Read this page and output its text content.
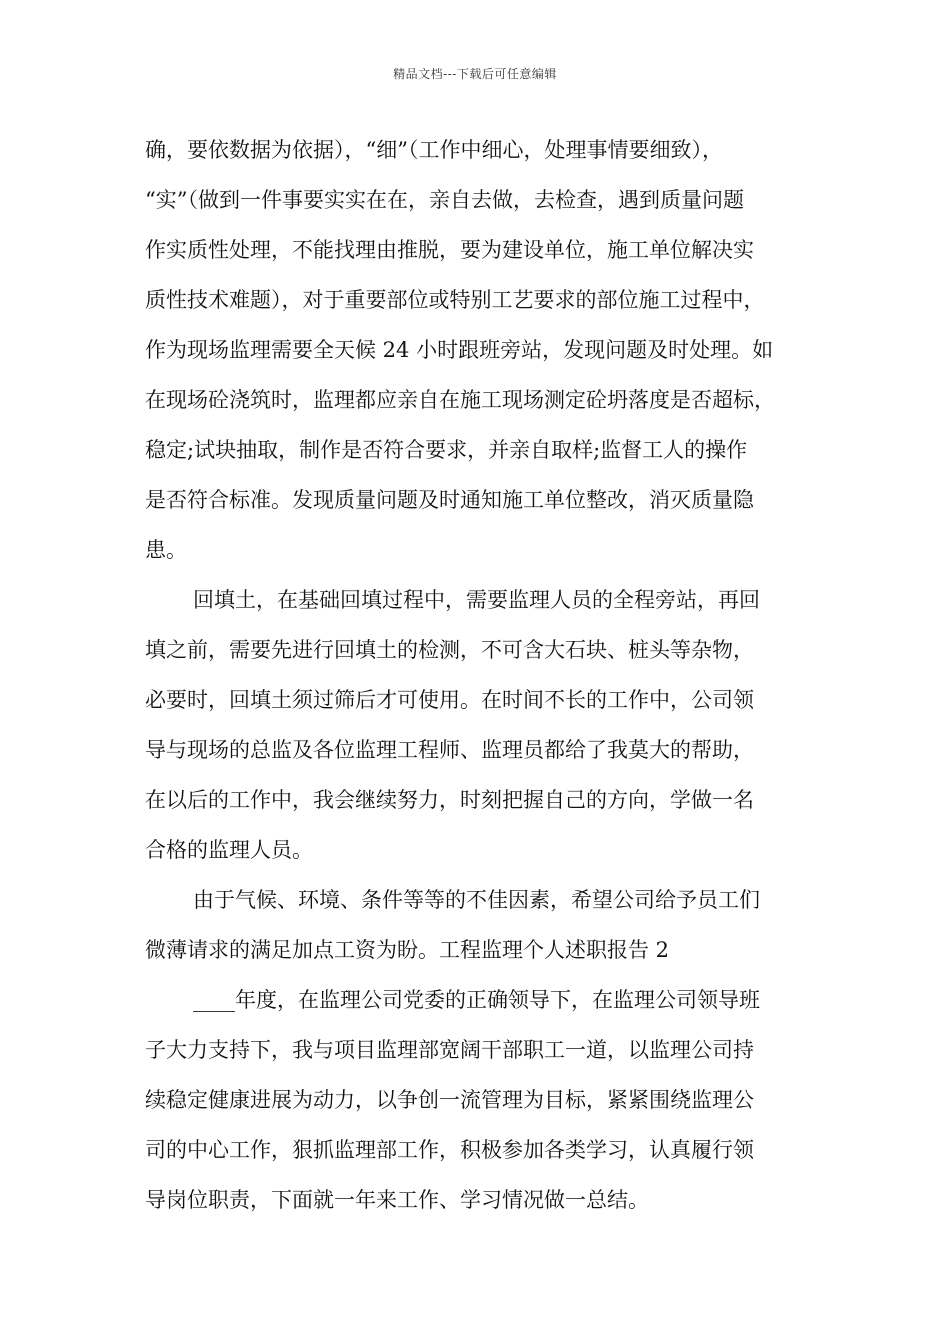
精品文档---下载后可任意编辑
确，要依数据为依据），“细”（工作中细心，处理事情要细致），
“实”（做到一件事要实实在在，亲自去做，去检查，遇到质量问题
作实质性处理，不能找理由推脱，要为建设单位，施工单位解决实
质性技术难题），对于重要部位或特别工艺要求的部位施工过程中，
作为现场监理需要全天候 24 小时跟班旁站，发现问题及时处理。如
在现场砼浇筑时，监理都应亲自在施工现场测定砼坍落度是否超标，
稳定;试块抽取，制作是否符合要求，并亲自取样;监督工人的操作
是否符合标准。发现质量问题及时通知施工单位整改，消灭质量隐
患。
回填土，在基础回填过程中，需要监理人员的全程旁站，再回
填之前，需要先进行回填土的检测，不可含大石块、桩头等杂物，
必要时，回填土须过筛后才可使用。在时间不长的工作中，公司领
导与现场的总监及各位监理工程师、监理员都给了我莫大的帮助，
在以后的工作中，我会继续努力，时刻把握自己的方向，学做一名
合格的监理人员。
由于气候、环境、条件等等的不佳因素，希望公司给予员工们
微薄请求的满足加点工资为盼。工程监理个人述职报告 2
____年度，在监理公司党委的正确领导下，在监理公司领导班
子大力支持下，我与项目监理部宽阔干部职工一道，以监理公司持
续稳定健康进展为动力，以争创一流管理为目标，紧紧围绕监理公
司的中心工作，狠抓监理部工作，积极参加各类学习，认真履行领
导岗位职责，下面就一年来工作、学习情况做一总结。
